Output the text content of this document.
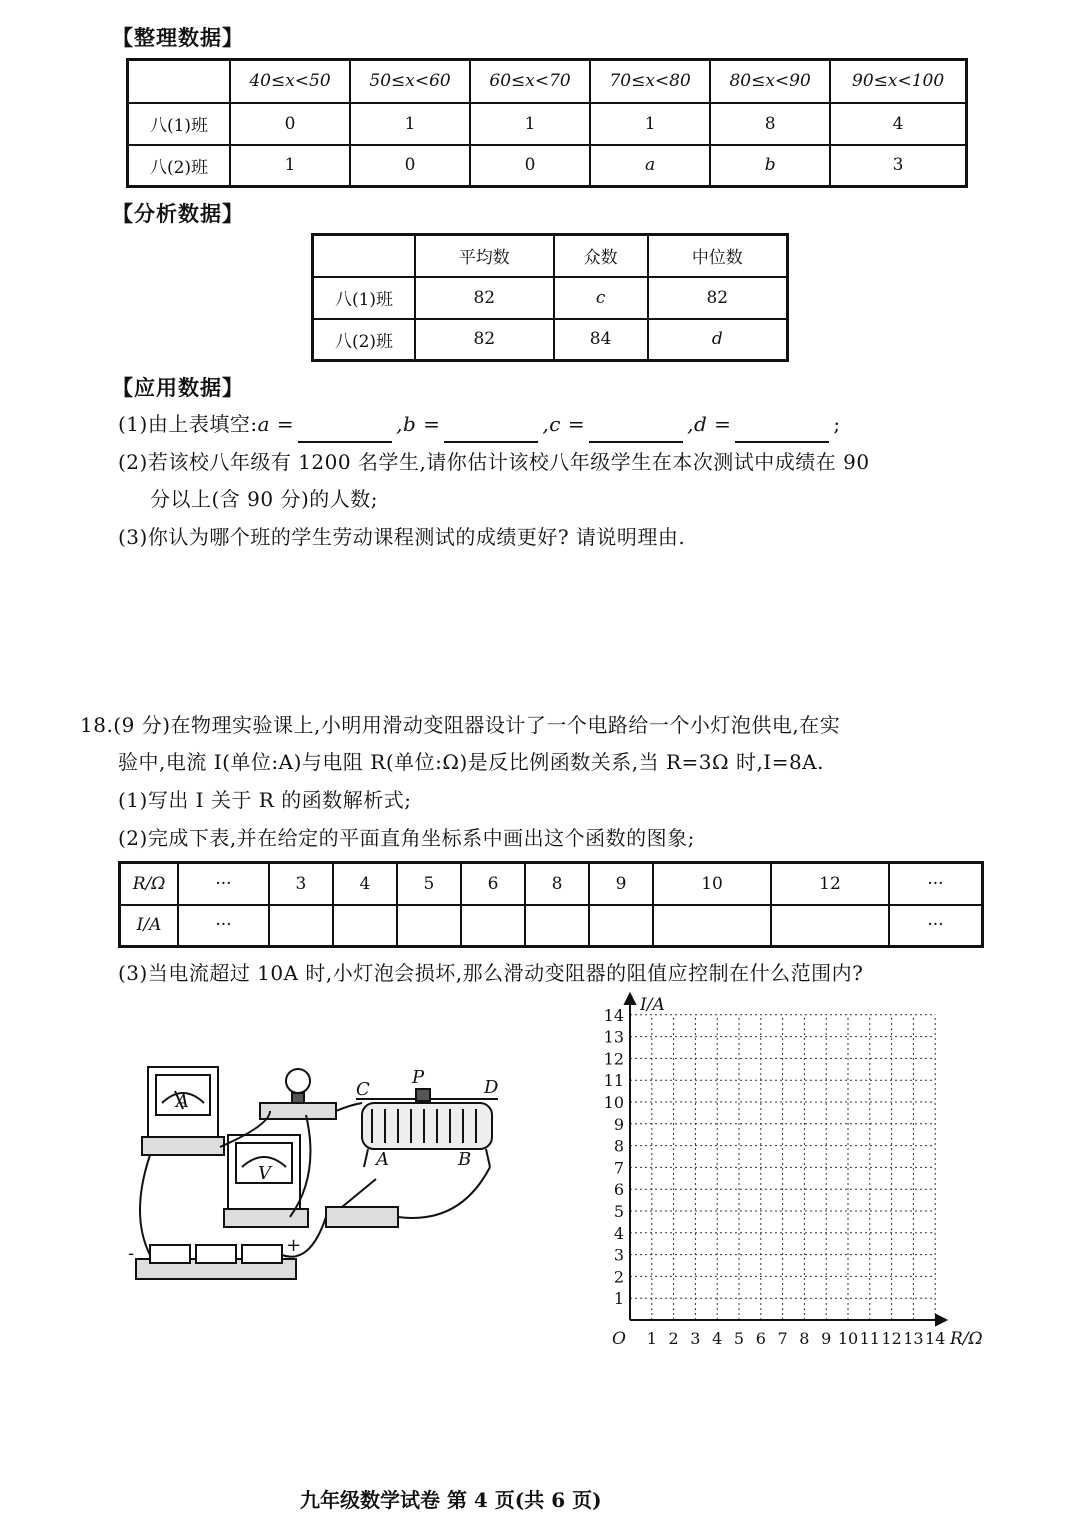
【整理数据】
	40≤x<50	50≤x<60	60≤x<70	70≤x<80	80≤x<90	90≤x<100
八(1)班	0	1	1	1	8	4
八(2)班	1	0	0	a	b	3
【分析数据】
	平均数	众数	中位数
八(1)班	82	c	82
八(2)班	82	84	d
【应用数据】
(1)由上表填空:a =	,b =	,c =	,d =	;
(2)若该校八年级有 1200 名学生,请你估计该校八年级学生在本次测试中成绩在 90
分以上(含 90 分)的人数;
(3)你认为哪个班的学生劳动课程测试的成绩更好? 请说明理由.
18.(9 分)在物理实验课上,小明用滑动变阻器设计了一个电路给一个小灯泡供电,在实
验中,电流 I(单位:A)与电阻 R(单位:Ω)是反比例函数关系,当 R=3Ω 时,I=8A.
(1)写出 I 关于 R 的函数解析式;
(2)完成下表,并在给定的平面直角坐标系中画出这个函数的图象;
R/Ω	···	3	4	5	6	8	9	10	12	···
I/A	···									···
(3)当电流超过 10A 时,小灯泡会损坏,那么滑动变阻器的阻值应控制在什么范围内?
A
V
C
P	D
A	B
-	+
1 2 3 4 5 6 7 8 9 10 11 12 13 14
14
13
12
11
10
9
8
7
6
5
4
3
2
1
I/A
R/Ω
O
九年级数学试卷 第 4 页(共 6 页)
